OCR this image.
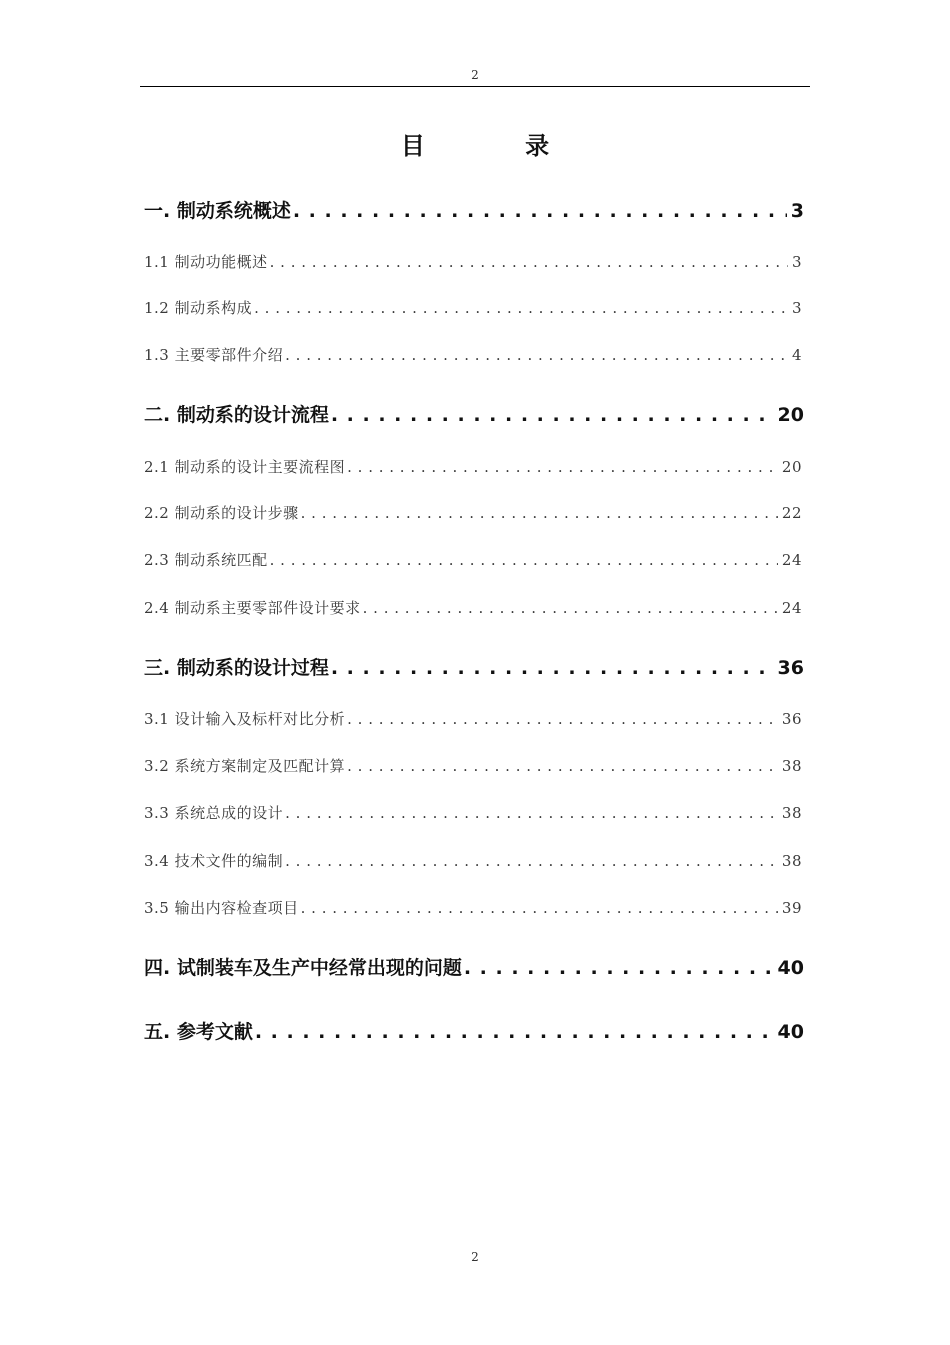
2
目 录
一. 制动系统概述 . . .	3
1.1 制动功能概述 . . .	3
1.2 制动系构成 . . .	3
1.3 主要零部件介绍 . . .	4
二. 制动系的设计流程 . . .	20
2.1 制动系的设计主要流程图 . . .	20
2.2 制动系的设计步骤 . . .	22
2.3 制动系统匹配 . . .	24
2.4 制动系主要零部件设计要求 . . .	24
三. 制动系的设计过程 . . .	36
3.1 设计输入及标杆对比分析 . . .	36
3.2 系统方案制定及匹配计算 . . .	38
3.3 系统总成的设计 . . .	38
3.4 技术文件的编制 . . .	38
3.5 输出内容检查项目 . . .	39
四. 试制装车及生产中经常出现的问题 . . .	40
五. 参考文献 . . .	40
2
